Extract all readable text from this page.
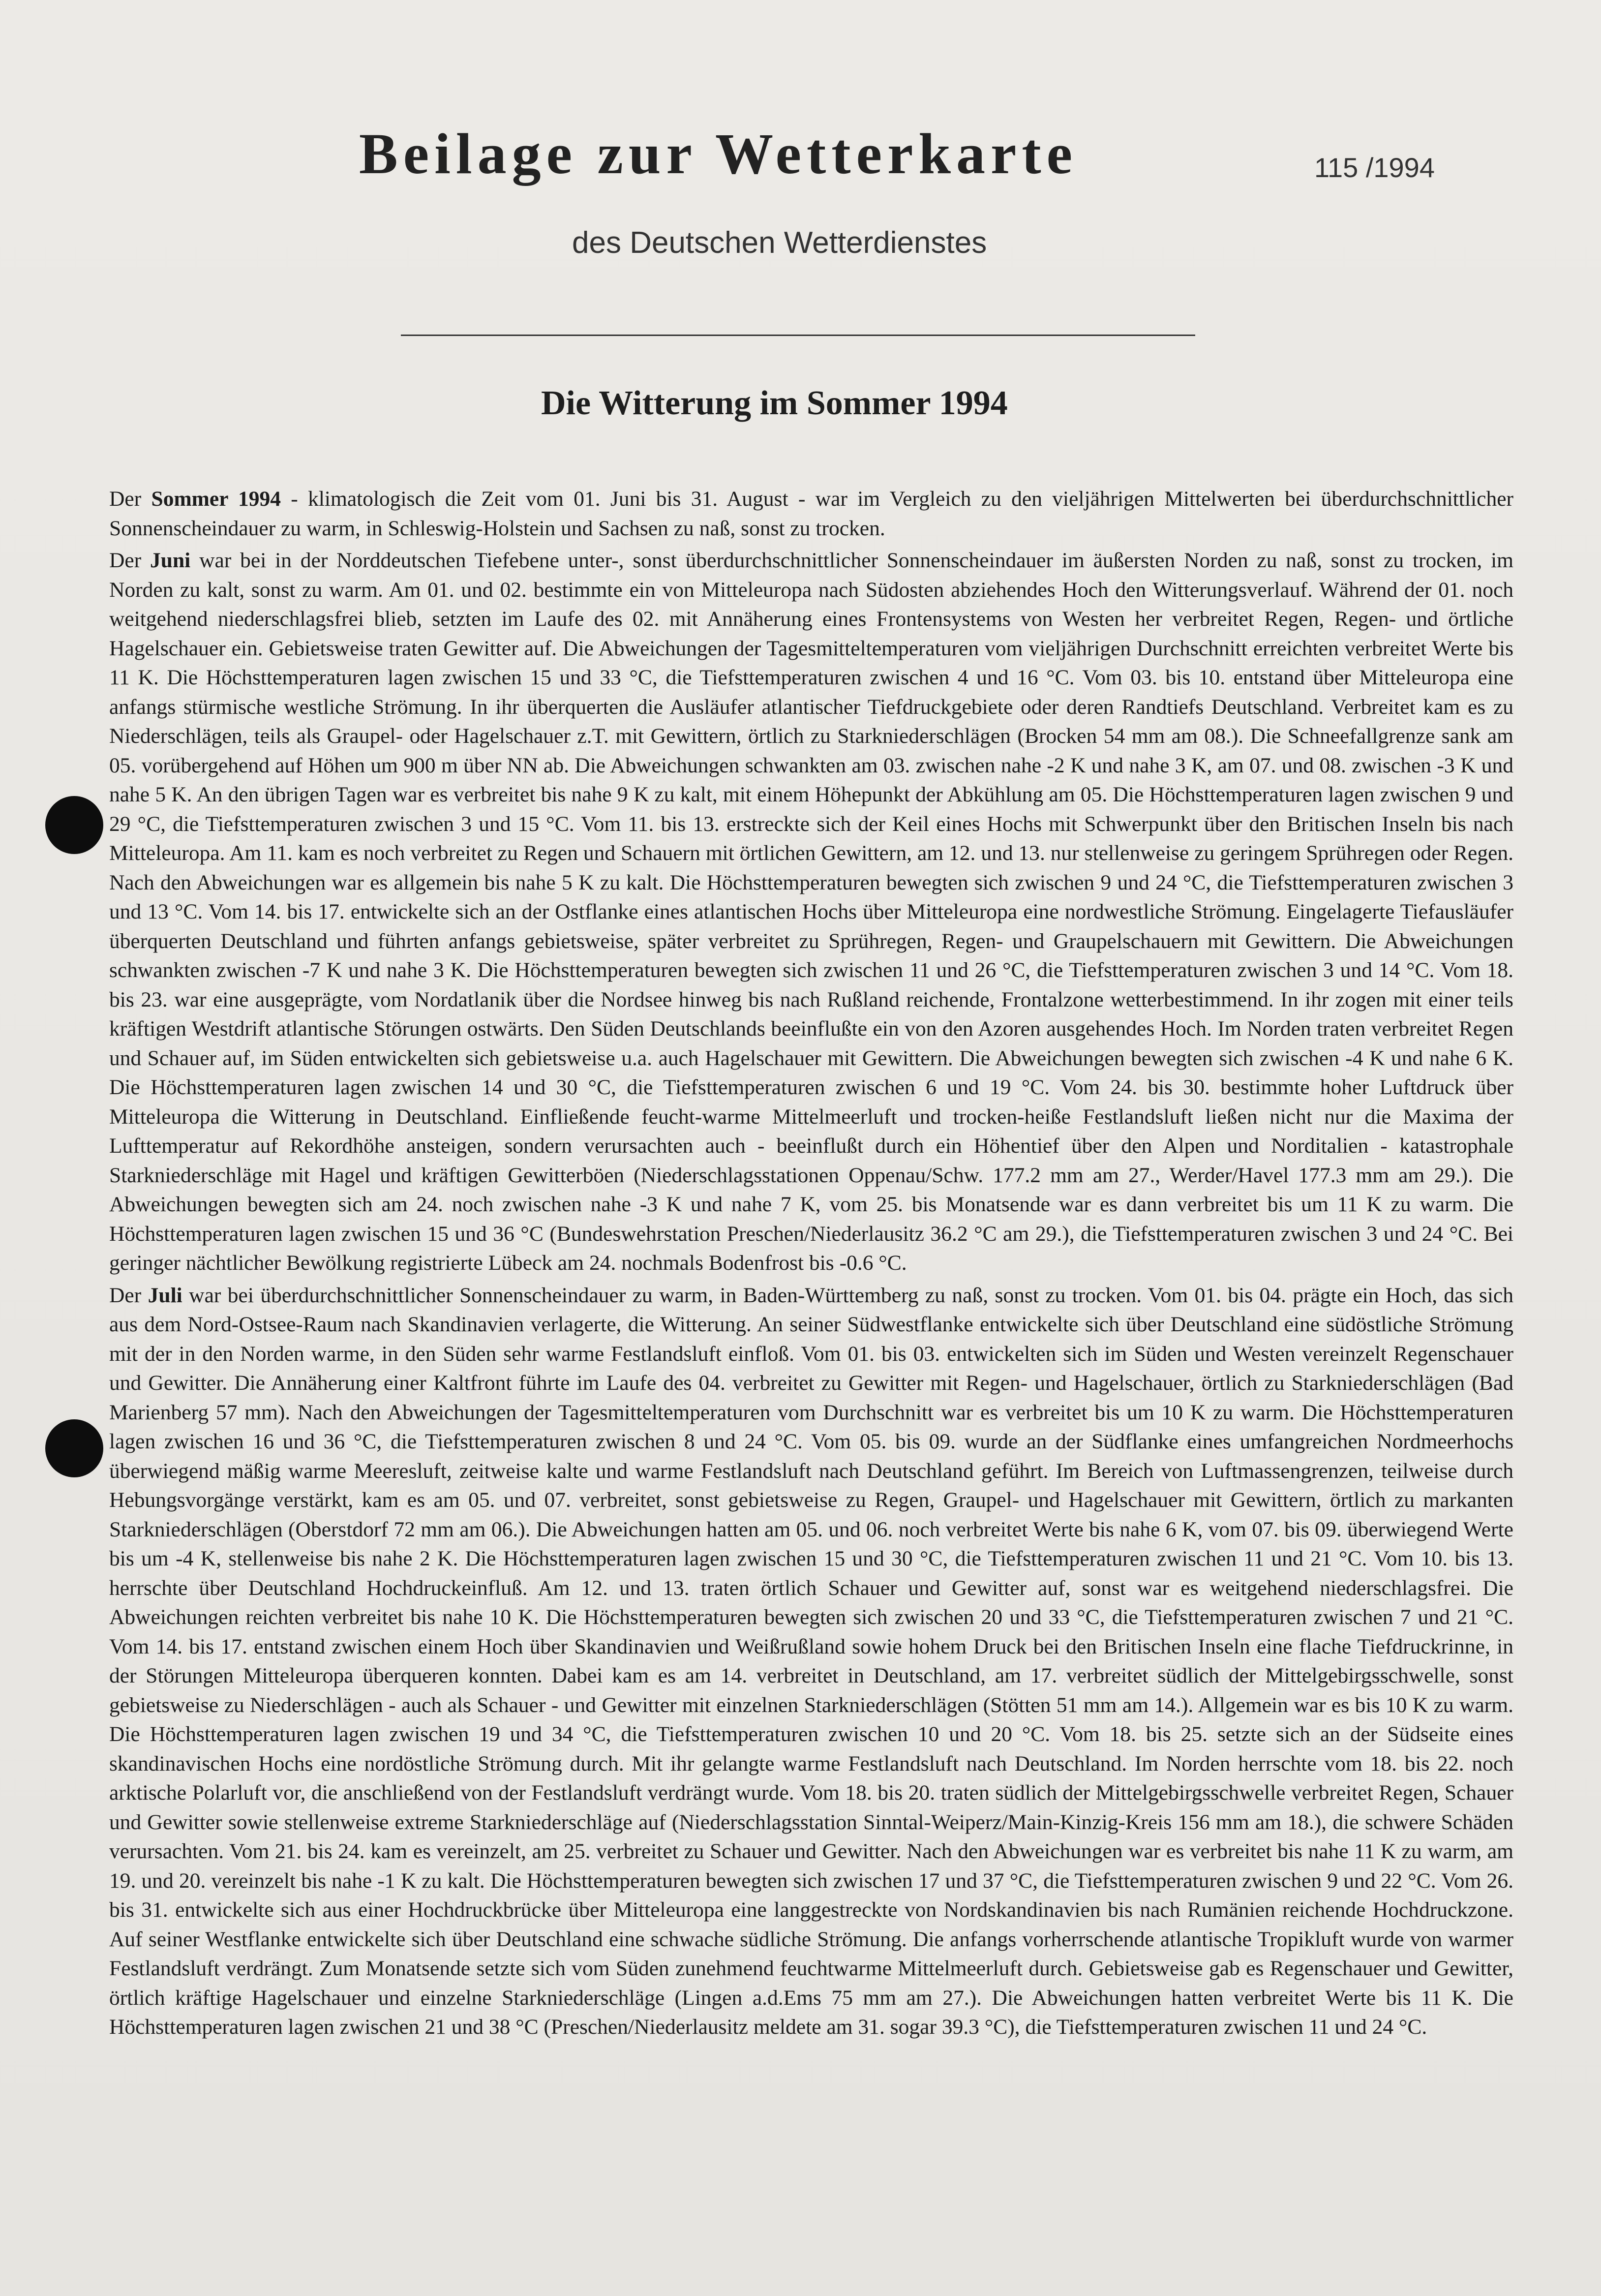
Beilage zur Wetterkarte	115 /1994
des Deutschen Wetterdienstes
Die Witterung im Sommer 1994

Der Sommer 1994 - klimatologisch die Zeit vom 01. Juni bis 31. August - war im Vergleich zu den vieljährigen Mittelwerten bei überdurchschnittlicher Sonnenscheindauer zu warm, in Schleswig-Holstein und Sachsen zu naß, sonst zu trocken.

Der Juni war bei in der Norddeutschen Tiefebene unter-, sonst überdurchschnittlicher Sonnenscheindauer im äußersten Norden zu naß, sonst zu trocken, im Norden zu kalt, sonst zu warm. Am 01. und 02. bestimmte ein von Mitteleuropa nach Südosten abziehendes Hoch den Witterungsverlauf. Während der 01. noch weitgehend niederschlagsfrei blieb, setzten im Laufe des 02. mit Annäherung eines Frontensystems von Westen her verbreitet Regen, Regen- und örtliche Hagelschauer ein. Gebietsweise traten Gewitter auf. Die Abweichungen der Tagesmitteltemperaturen vom vieljährigen Durchschnitt erreichten verbreitet Werte bis 11 K. Die Höchsttemperaturen lagen zwischen 15 und 33 °C, die Tiefsttemperaturen zwischen 4 und 16 °C. Vom 03. bis 10. entstand über Mitteleuropa eine anfangs stürmische westliche Strömung. In ihr überquerten die Ausläufer atlantischer Tiefdruckgebiete oder deren Randtiefs Deutschland. Verbreitet kam es zu Niederschlägen, teils als Graupel- oder Hagelschauer z.T. mit Gewittern, örtlich zu Starkniederschlägen (Brocken 54 mm am 08.). Die Schneefallgrenze sank am 05. vorübergehend auf Höhen um 900 m über NN ab. Die Abweichungen schwankten am 03. zwischen nahe -2 K und nahe 3 K, am 07. und 08. zwischen -3 K und nahe 5 K. An den übrigen Tagen war es verbreitet bis nahe 9 K zu kalt, mit einem Höhepunkt der Abkühlung am 05. Die Höchsttemperaturen lagen zwischen 9 und 29 °C, die Tiefsttemperaturen zwischen 3 und 15 °C. Vom 11. bis 13. erstreckte sich der Keil eines Hochs mit Schwerpunkt über den Britischen Inseln bis nach Mitteleuropa. Am 11. kam es noch verbreitet zu Regen und Schauern mit örtlichen Gewittern, am 12. und 13. nur stellenweise zu geringem Sprühregen oder Regen. Nach den Abweichungen war es allgemein bis nahe 5 K zu kalt. Die Höchsttemperaturen bewegten sich zwischen 9 und 24 °C, die Tiefsttemperaturen zwischen 3 und 13 °C. Vom 14. bis 17. entwickelte sich an der Ostflanke eines atlantischen Hochs über Mitteleuropa eine nordwestliche Strömung. Eingelagerte Tiefausläufer überquerten Deutschland und führten anfangs gebietsweise, später verbreitet zu Sprühregen, Regen- und Graupelschauern mit Gewittern. Die Abweichungen schwankten zwischen -7 K und nahe 3 K. Die Höchsttemperaturen bewegten sich zwischen 11 und 26 °C, die Tiefsttemperaturen zwischen 3 und 14 °C. Vom 18. bis 23. war eine ausgeprägte, vom Nordatlanik über die Nordsee hinweg bis nach Rußland reichende, Frontalzone wetterbestimmend. In ihr zogen mit einer teils kräftigen Westdrift atlantische Störungen ostwärts. Den Süden Deutschlands beeinflußte ein von den Azoren ausgehendes Hoch. Im Norden traten verbreitet Regen und Schauer auf, im Süden entwickelten sich gebietsweise u.a. auch Hagelschauer mit Gewittern. Die Abweichungen bewegten sich zwischen -4 K und nahe 6 K. Die Höchsttemperaturen lagen zwischen 14 und 30 °C, die Tiefsttemperaturen zwischen 6 und 19 °C. Vom 24. bis 30. bestimmte hoher Luftdruck über Mitteleuropa die Witterung in Deutschland. Einfließende feucht-warme Mittelmeerluft und trocken-heiße Festlandsluft ließen nicht nur die Maxima der Lufttemperatur auf Rekordhöhe ansteigen, sondern verursachten auch - beeinflußt durch ein Höhentief über den Alpen und Norditalien - katastrophale Starkniederschläge mit Hagel und kräftigen Gewitterböen (Niederschlagsstationen Oppenau/Schw. 177.2 mm am 27., Werder/Havel 177.3 mm am 29.). Die Abweichungen bewegten sich am 24. noch zwischen nahe -3 K und nahe 7 K, vom 25. bis Monatsende war es dann verbreitet bis um 11 K zu warm. Die Höchsttemperaturen lagen zwischen 15 und 36 °C (Bundeswehrstation Preschen/Niederlausitz 36.2 °C am 29.), die Tiefsttemperaturen zwischen 3 und 24 °C. Bei geringer nächtlicher Bewölkung registrierte Lübeck am 24. nochmals Bodenfrost bis -0.6 °C.

Der Juli war bei überdurchschnittlicher Sonnenscheindauer zu warm, in Baden-Württemberg zu naß, sonst zu trocken. Vom 01. bis 04. prägte ein Hoch, das sich aus dem Nord-Ostsee-Raum nach Skandinavien verlagerte, die Witterung. An seiner Südwestflanke entwickelte sich über Deutschland eine südöstliche Strömung mit der in den Norden warme, in den Süden sehr warme Festlandsluft einfloß. Vom 01. bis 03. entwickelten sich im Süden und Westen vereinzelt Regenschauer und Gewitter. Die Annäherung einer Kaltfront führte im Laufe des 04. verbreitet zu Gewitter mit Regen- und Hagelschauer, örtlich zu Starkniederschlägen (Bad Marienberg 57 mm). Nach den Abweichungen der Tagesmitteltemperaturen vom Durchschnitt war es verbreitet bis um 10 K zu warm. Die Höchsttemperaturen lagen zwischen 16 und 36 °C, die Tiefsttemperaturen zwischen 8 und 24 °C. Vom 05. bis 09. wurde an der Südflanke eines umfangreichen Nordmeerhochs überwiegend mäßig warme Meeresluft, zeitweise kalte und warme Festlandsluft nach Deutschland geführt. Im Bereich von Luftmassengrenzen, teilweise durch Hebungsvorgänge verstärkt, kam es am 05. und 07. verbreitet, sonst gebietsweise zu Regen, Graupel- und Hagelschauer mit Gewittern, örtlich zu markanten Starkniederschlägen (Oberstdorf 72 mm am 06.). Die Abweichungen hatten am 05. und 06. noch verbreitet Werte bis nahe 6 K, vom 07. bis 09. überwiegend Werte bis um -4 K, stellenweise bis nahe 2 K. Die Höchsttemperaturen lagen zwischen 15 und 30 °C, die Tiefsttemperaturen zwischen 11 und 21 °C. Vom 10. bis 13. herrschte über Deutschland Hochdruckeinfluß. Am 12. und 13. traten örtlich Schauer und Gewitter auf, sonst war es weitgehend niederschlagsfrei. Die Abweichungen reichten verbreitet bis nahe 10 K. Die Höchsttemperaturen bewegten sich zwischen 20 und 33 °C, die Tiefsttemperaturen zwischen 7 und 21 °C. Vom 14. bis 17. entstand zwischen einem Hoch über Skandinavien und Weißrußland sowie hohem Druck bei den Britischen Inseln eine flache Tiefdruckrinne, in der Störungen Mitteleuropa überqueren konnten. Dabei kam es am 14. verbreitet in Deutschland, am 17. verbreitet südlich der Mittelgebirgsschwelle, sonst gebietsweise zu Niederschlägen - auch als Schauer - und Gewitter mit einzelnen Starkniederschlägen (Stötten 51 mm am 14.). Allgemein war es bis 10 K zu warm. Die Höchsttemperaturen lagen zwischen 19 und 34 °C, die Tiefsttemperaturen zwischen 10 und 20 °C. Vom 18. bis 25. setzte sich an der Südseite eines skandinavischen Hochs eine nordöstliche Strömung durch. Mit ihr gelangte warme Festlandsluft nach Deutschland. Im Norden herrschte vom 18. bis 22. noch arktische Polarluft vor, die anschließend von der Festlandsluft verdrängt wurde. Vom 18. bis 20. traten südlich der Mittelgebirgsschwelle verbreitet Regen, Schauer und Gewitter sowie stellenweise extreme Starkniederschläge auf (Niederschlagsstation Sinntal-Weiperz/Main-Kinzig-Kreis 156 mm am 18.), die schwere Schäden verursachten. Vom 21. bis 24. kam es vereinzelt, am 25. verbreitet zu Schauer und Gewitter. Nach den Abweichungen war es verbreitet bis nahe 11 K zu warm, am 19. und 20. vereinzelt bis nahe -1 K zu kalt. Die Höchsttemperaturen bewegten sich zwischen 17 und 37 °C, die Tiefsttemperaturen zwischen 9 und 22 °C. Vom 26. bis 31. entwickelte sich aus einer Hochdruckbrücke über Mitteleuropa eine langgestreckte von Nordskandinavien bis nach Rumänien reichende Hochdruckzone. Auf seiner Westflanke entwickelte sich über Deutschland eine schwache südliche Strömung. Die anfangs vorherrschende atlantische Tropikluft wurde von warmer Festlandsluft verdrängt. Zum Monatsende setzte sich vom Süden zunehmend feuchtwarme Mittelmeerluft durch. Gebietsweise gab es Regenschauer und Gewitter, örtlich kräftige Hagelschauer und einzelne Starkniederschläge (Lingen a.d.Ems 75 mm am 27.). Die Abweichungen hatten verbreitet Werte bis 11 K. Die Höchsttemperaturen lagen zwischen 21 und 38 °C (Preschen/Niederlausitz meldete am 31. sogar 39.3 °C), die Tiefsttemperaturen zwischen 11 und 24 °C.
